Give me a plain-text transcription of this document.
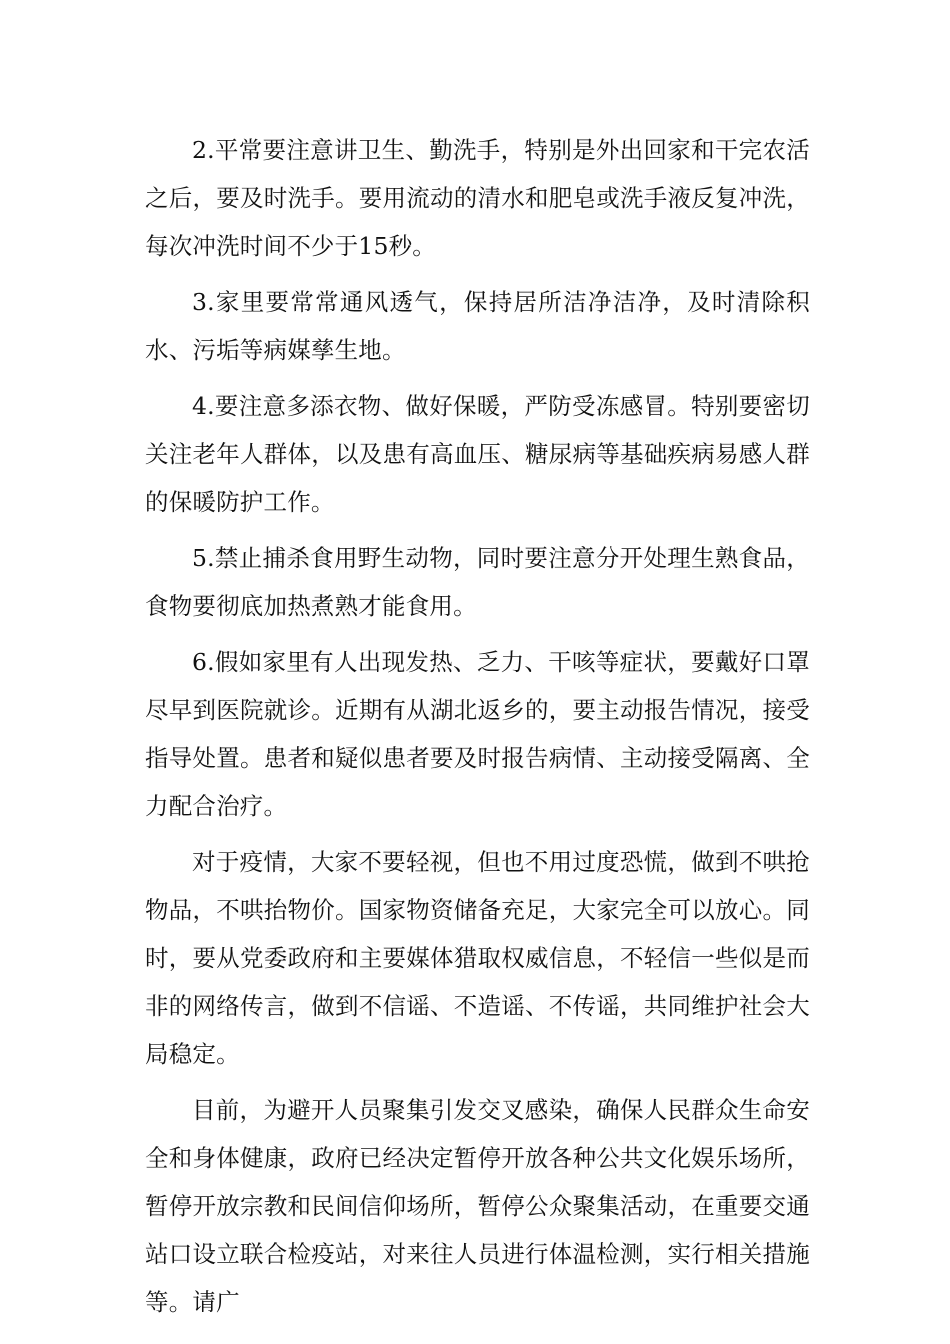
2.平常要注意讲卫生、勤洗手，特别是外出回家和干完农活之后，要及时洗手。要用流动的清水和肥皂或洗手液反复冲洗，每次冲洗时间不少于15秒。

3.家里要常常通风透气，保持居所洁净洁净，及时清除积水、污垢等病媒孳生地。

4.要注意多添衣物、做好保暖，严防受冻感冒。特别要密切关注老年人群体，以及患有高血压、糖尿病等基础疾病易感人群的保暖防护工作。

5.禁止捕杀食用野生动物，同时要注意分开处理生熟食品，食物要彻底加热煮熟才能食用。

6.假如家里有人出现发热、乏力、干咳等症状，要戴好口罩尽早到医院就诊。近期有从湖北返乡的，要主动报告情况，接受指导处置。患者和疑似患者要及时报告病情、主动接受隔离、全力配合治疗。

对于疫情，大家不要轻视，但也不用过度恐慌，做到不哄抢物品，不哄抬物价。国家物资储备充足，大家完全可以放心。同时，要从党委政府和主要媒体猎取权威信息，不轻信一些似是而非的网络传言，做到不信谣、不造谣、不传谣，共同维护社会大局稳定。

目前，为避开人员聚集引发交叉感染，确保人民群众生命安全和身体健康，政府已经决定暂停开放各种公共文化娱乐场所，暂停开放宗教和民间信仰场所，暂停公众聚集活动，在重要交通站口设立联合检疫站，对来往人员进行体温检测，实行相关措施等。请广
